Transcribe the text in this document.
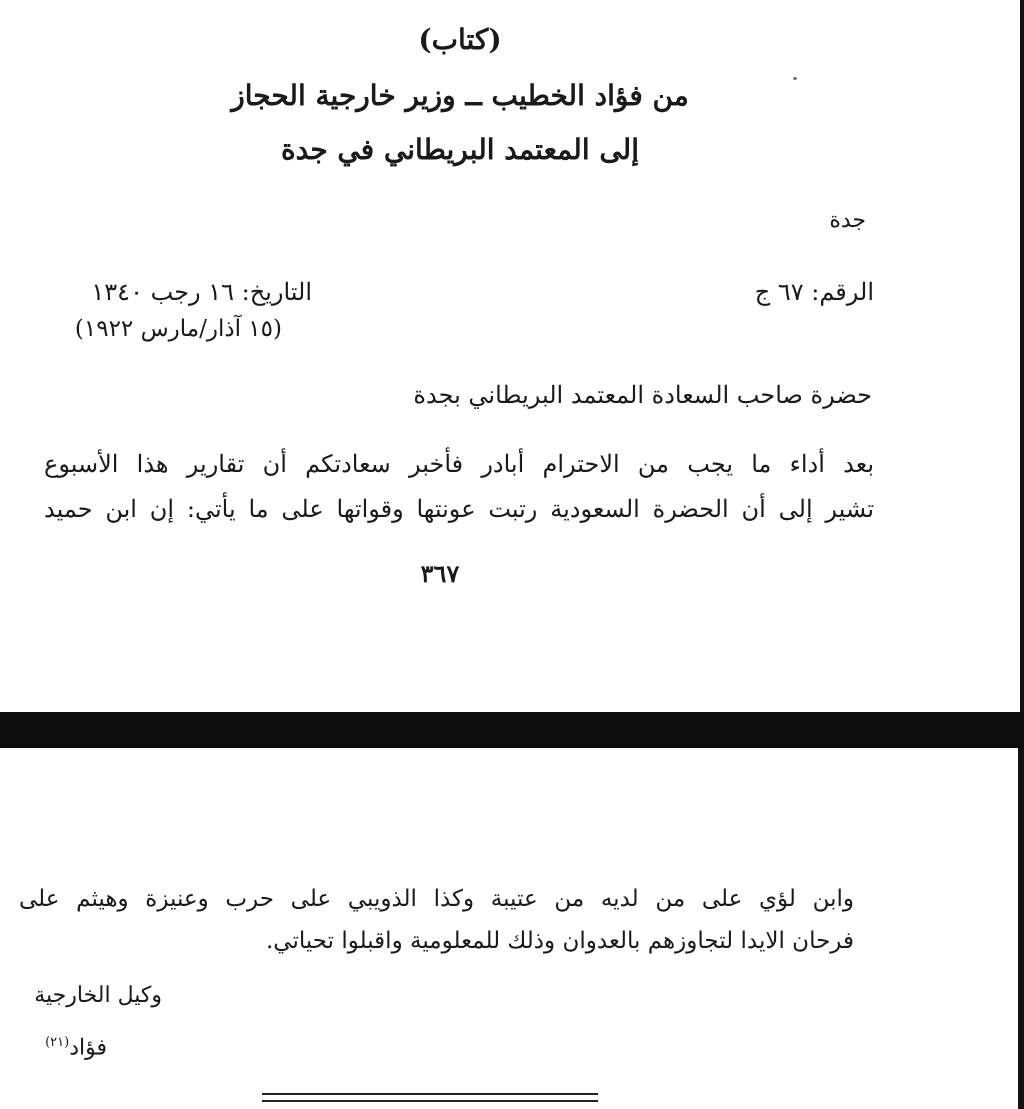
(كتاب)
من فؤاد الخطيب ــ وزير خارجية الحجاز
إلى المعتمد البريطاني في جدة
جدة
الرقم: ٦٧ ج
التاريخ: ١٦ رجب ١٣٤٠
(١٥ آذار/مارس ١٩٢٢)
حضرة صاحب السعادة المعتمد البريطاني بجدة
بعد أداء ما يجب من الاحترام أبادر فأخبر سعادتكم أن تقارير هذا الأسبوع
تشير إلى أن الحضرة السعودية رتبت عونتها وقواتها على ما يأتي: إن ابن حميد
٣٦٧
وابن لؤي على من لديه من عتيبة وكذا الذويبي على حرب وعنيزة وهيثم على
فرحان الايدا لتجاوزهم بالعدوان وذلك للمعلومية واقبلوا تحياتي.
وكيل الخارجية
فؤاد$^{(٢١)}$
